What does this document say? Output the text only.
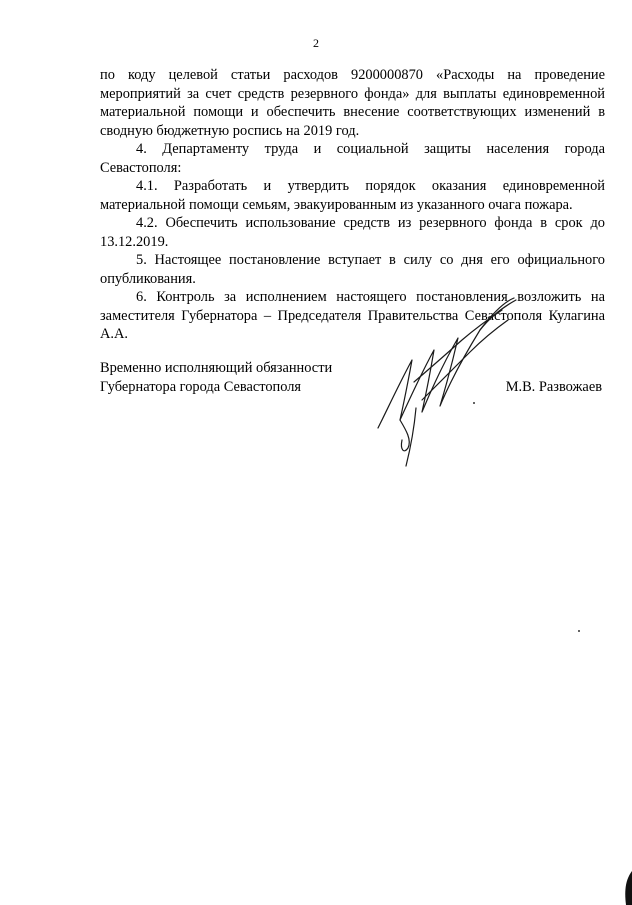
2

по коду целевой статьи расходов 9200000870 «Расходы на проведение мероприятий за счет средств резервного фонда» для выплаты единовременной материальной помощи и обеспечить внесение соответствующих изменений в сводную бюджетную роспись на 2019 год.

4. Департаменту труда и социальной защиты населения города Севастополя:

4.1. Разработать и утвердить порядок оказания единовременной материальной помощи семьям, эвакуированным из указанного очага пожара.

4.2. Обеспечить использование средств из резервного фонда в срок до 13.12.2019.

5. Настоящее постановление вступает в силу со дня его официального опубликования.

6. Контроль за исполнением настоящего постановления возложить на заместителя Губернатора – Председателя Правительства Севастополя Кулагина А.А.

Временно исполняющий обязанности
Губернатора города Севастополя	М.В. Развожаев
